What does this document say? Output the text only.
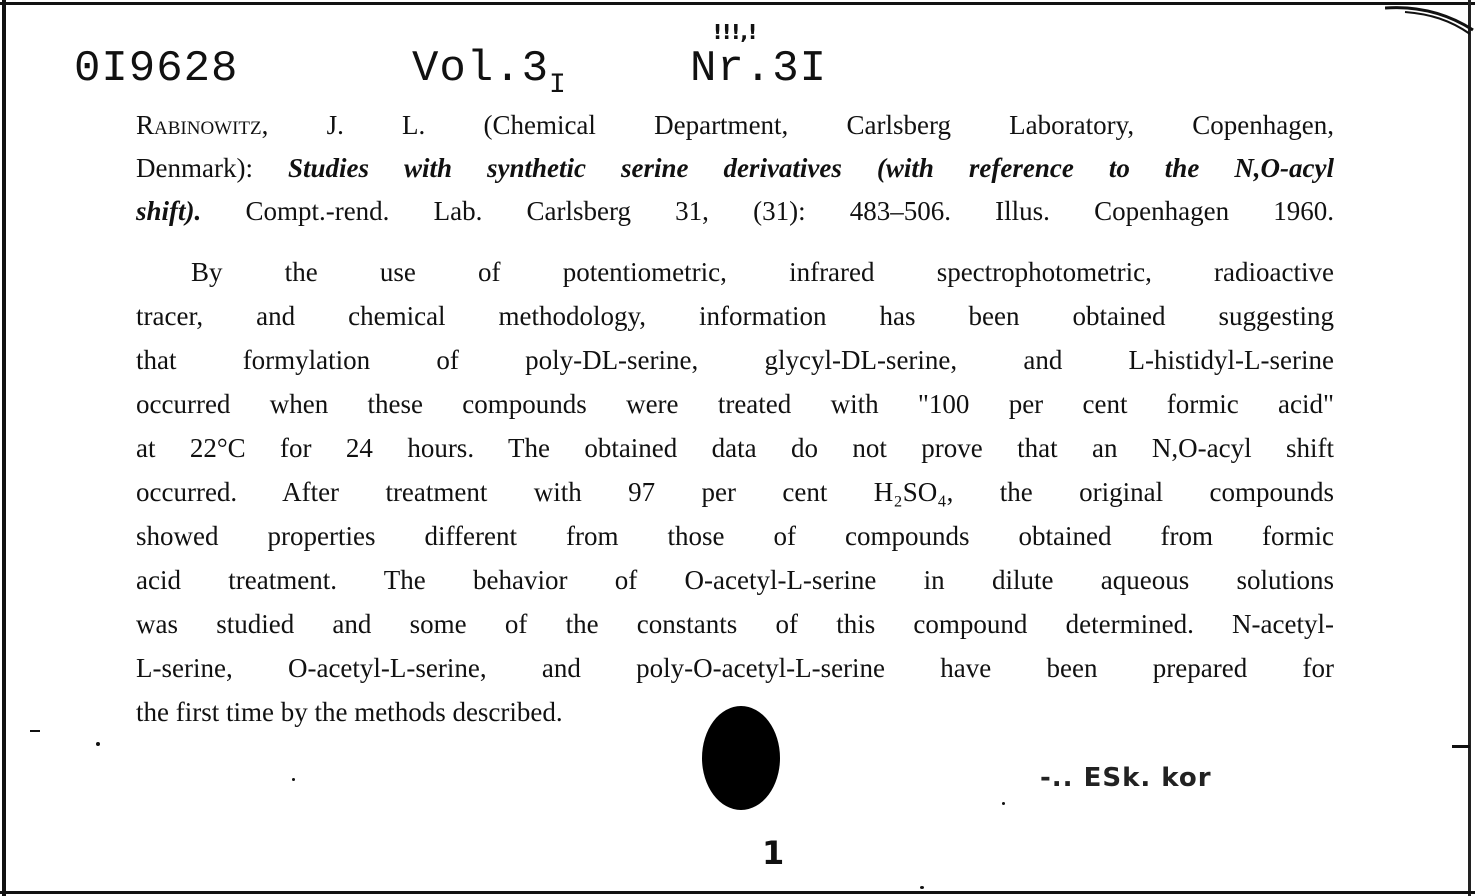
0I9628	$Vol.3_I$	Nr.3I
!!!,!
Rabinowitz, J. L. (Chemical Department, Carlsberg Laboratory, Copenhagen,
Denmark): Studies with synthetic serine derivatives (with reference to the N,O-acyl
shift). Compt.-rend. Lab. Carlsberg 31, (31): 483–506. Illus. Copenhagen 1960.
By the use of potentiometric, infrared spectrophotometric, radioactive
tracer, and chemical methodology, information has been obtained suggesting
that formylation of poly-DL-serine, glycyl-DL-serine, and L-histidyl-L-serine
occurred when these compounds were treated with "100 per cent formic acid"
at 22°C for 24 hours. The obtained data do not prove that an N,O-acyl shift
occurred. After treatment with 97 per cent H₂SO₄, the original compounds
showed properties different from those of compounds obtained from formic
acid treatment. The behavior of O-acetyl-L-serine in dilute aqueous solutions
was studied and some of the constants of this compound determined. N-acetyl-
L-serine, O-acetyl-L-serine, and poly-O-acetyl-L-serine have been prepared for
the first time by the methods described.
-.. ESk. kor
1
